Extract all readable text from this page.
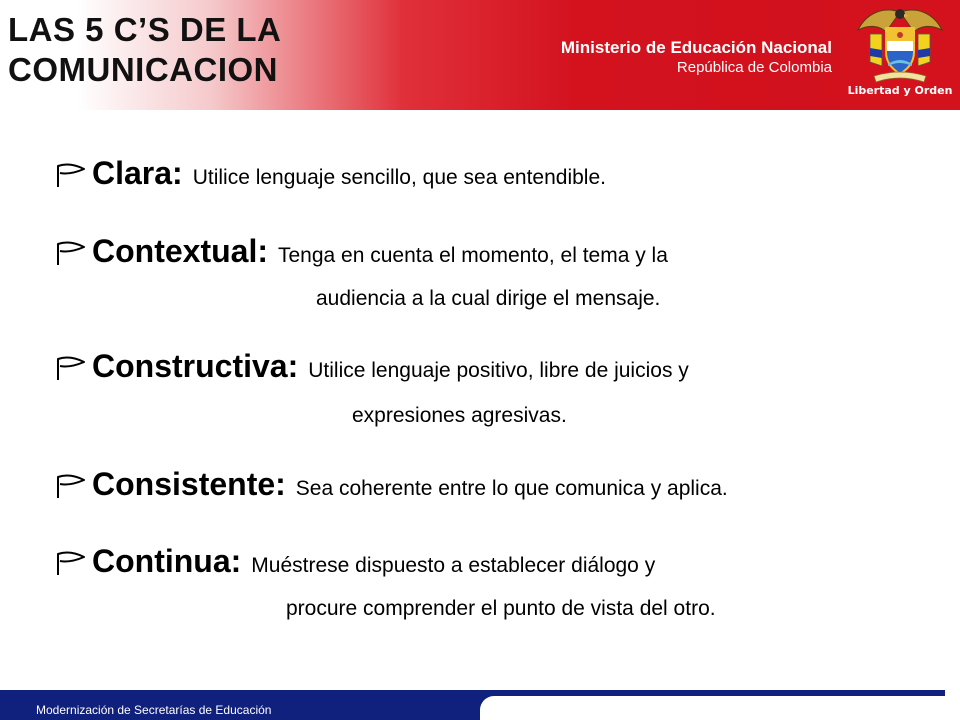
LAS 5 C’S DE LA
COMUNICACION
Ministerio de Educación Nacional
República de Colombia
Libertad y Orden
Clara: Utilice lenguaje sencillo, que sea entendible.
Contextual: Tenga en cuenta el momento, el tema y la
audiencia a la cual dirige el mensaje.
Constructiva: Utilice lenguaje positivo, libre de juicios y
expresiones agresivas.
Consistente: Sea coherente entre lo que comunica y aplica.
Continua: Muéstrese dispuesto a establecer diálogo y
procure comprender el punto de vista del otro.
Modernización de Secretarías de Educación
